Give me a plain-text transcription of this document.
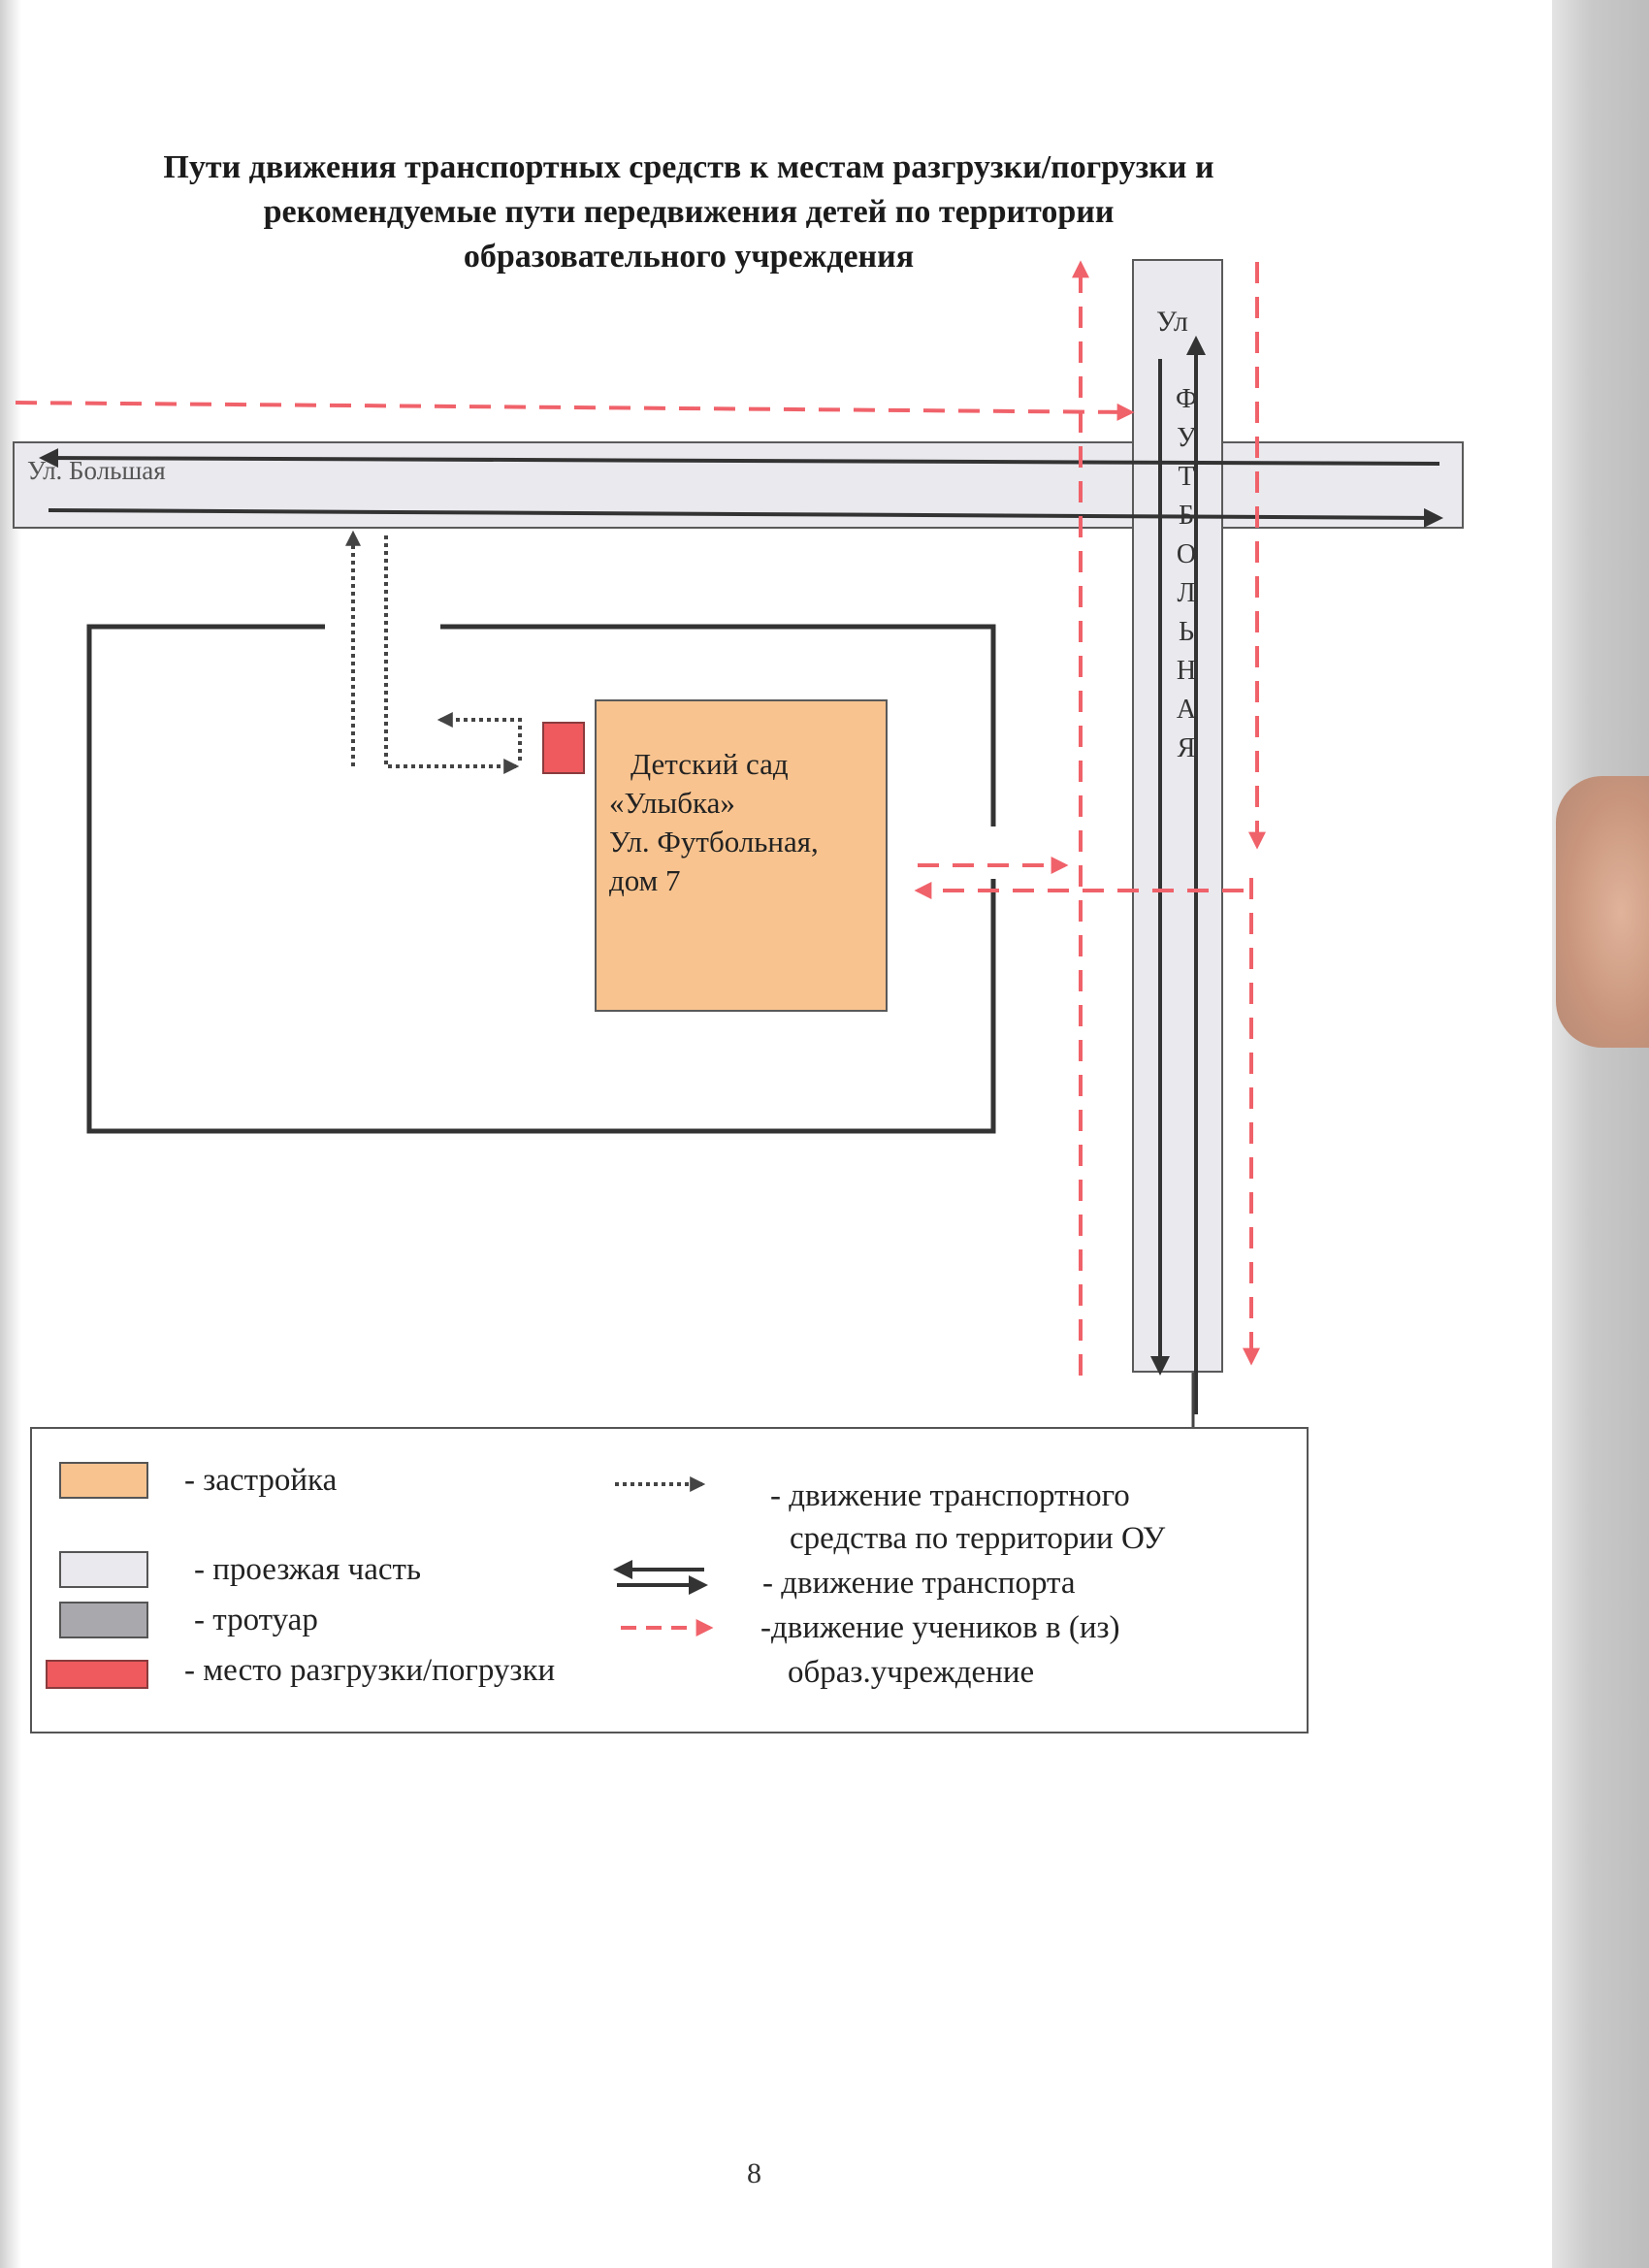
Пути движения транспортных средств к местам разгрузки/погрузки и
рекомендуемые пути передвижения детей по территории
образовательного учреждения
Ул. Большая
Ул
Ф
У
Т
Б
О
Л
Ь
Н
А
Я
Детский сад
«Улыбка»
Ул. Футбольная,
дом 7
- застройка
- проезжая часть
- тротуар
- место разгрузки/погрузки
- движение транспортного
средства по территории ОУ
- движение транспорта
-движение учеников в (из)
образ.учреждение
8
